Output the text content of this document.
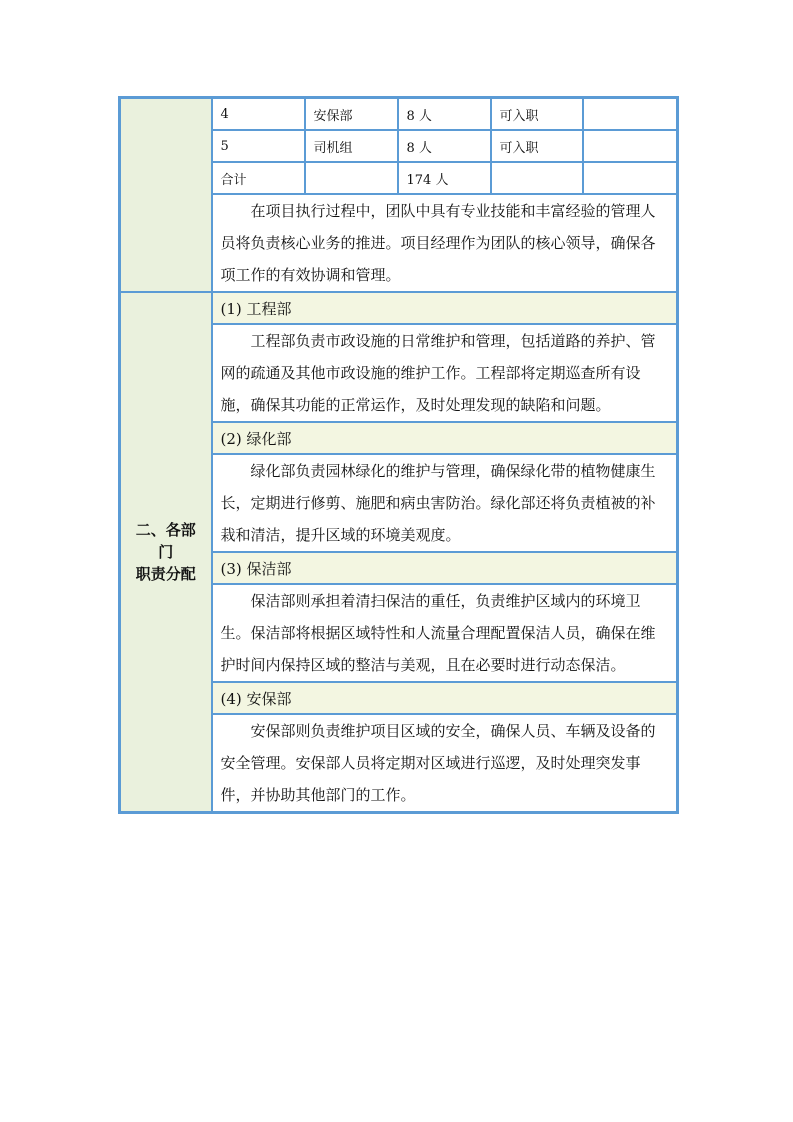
	4	安保部	8 人	可入职	
	5	司机组	8 人	可入职	
	合计		174 人		
	在项目执行过程中，团队中具有专业技能和丰富经验的管理人员将负责核心业务的推进。项目经理作为团队的核心领导，确保各项工作的有效协调和管理。				

二、各部门
职责分配	(1) 工程部				
	工程部负责市政设施的日常维护和管理，包括道路的养护、管网的疏通及其他市政设施的维护工作。工程部将定期巡查所有设施，确保其功能的正常运作，及时处理发现的缺陷和问题。				
	(2) 绿化部				
	绿化部负责园林绿化的维护与管理，确保绿化带的植物健康生长，定期进行修剪、施肥和病虫害防治。绿化部还将负责植被的补栽和清洁，提升区域的环境美观度。				
	(3) 保洁部				
	保洁部则承担着清扫保洁的重任，负责维护区域内的环境卫生。保洁部将根据区域特性和人流量合理配置保洁人员，确保在维护时间内保持区域的整洁与美观，且在必要时进行动态保洁。				
	(4) 安保部				
	安保部则负责维护项目区域的安全，确保人员、车辆及设备的安全管理。安保部人员将定期对区域进行巡逻，及时处理突发事件，并协助其他部门的工作。				
